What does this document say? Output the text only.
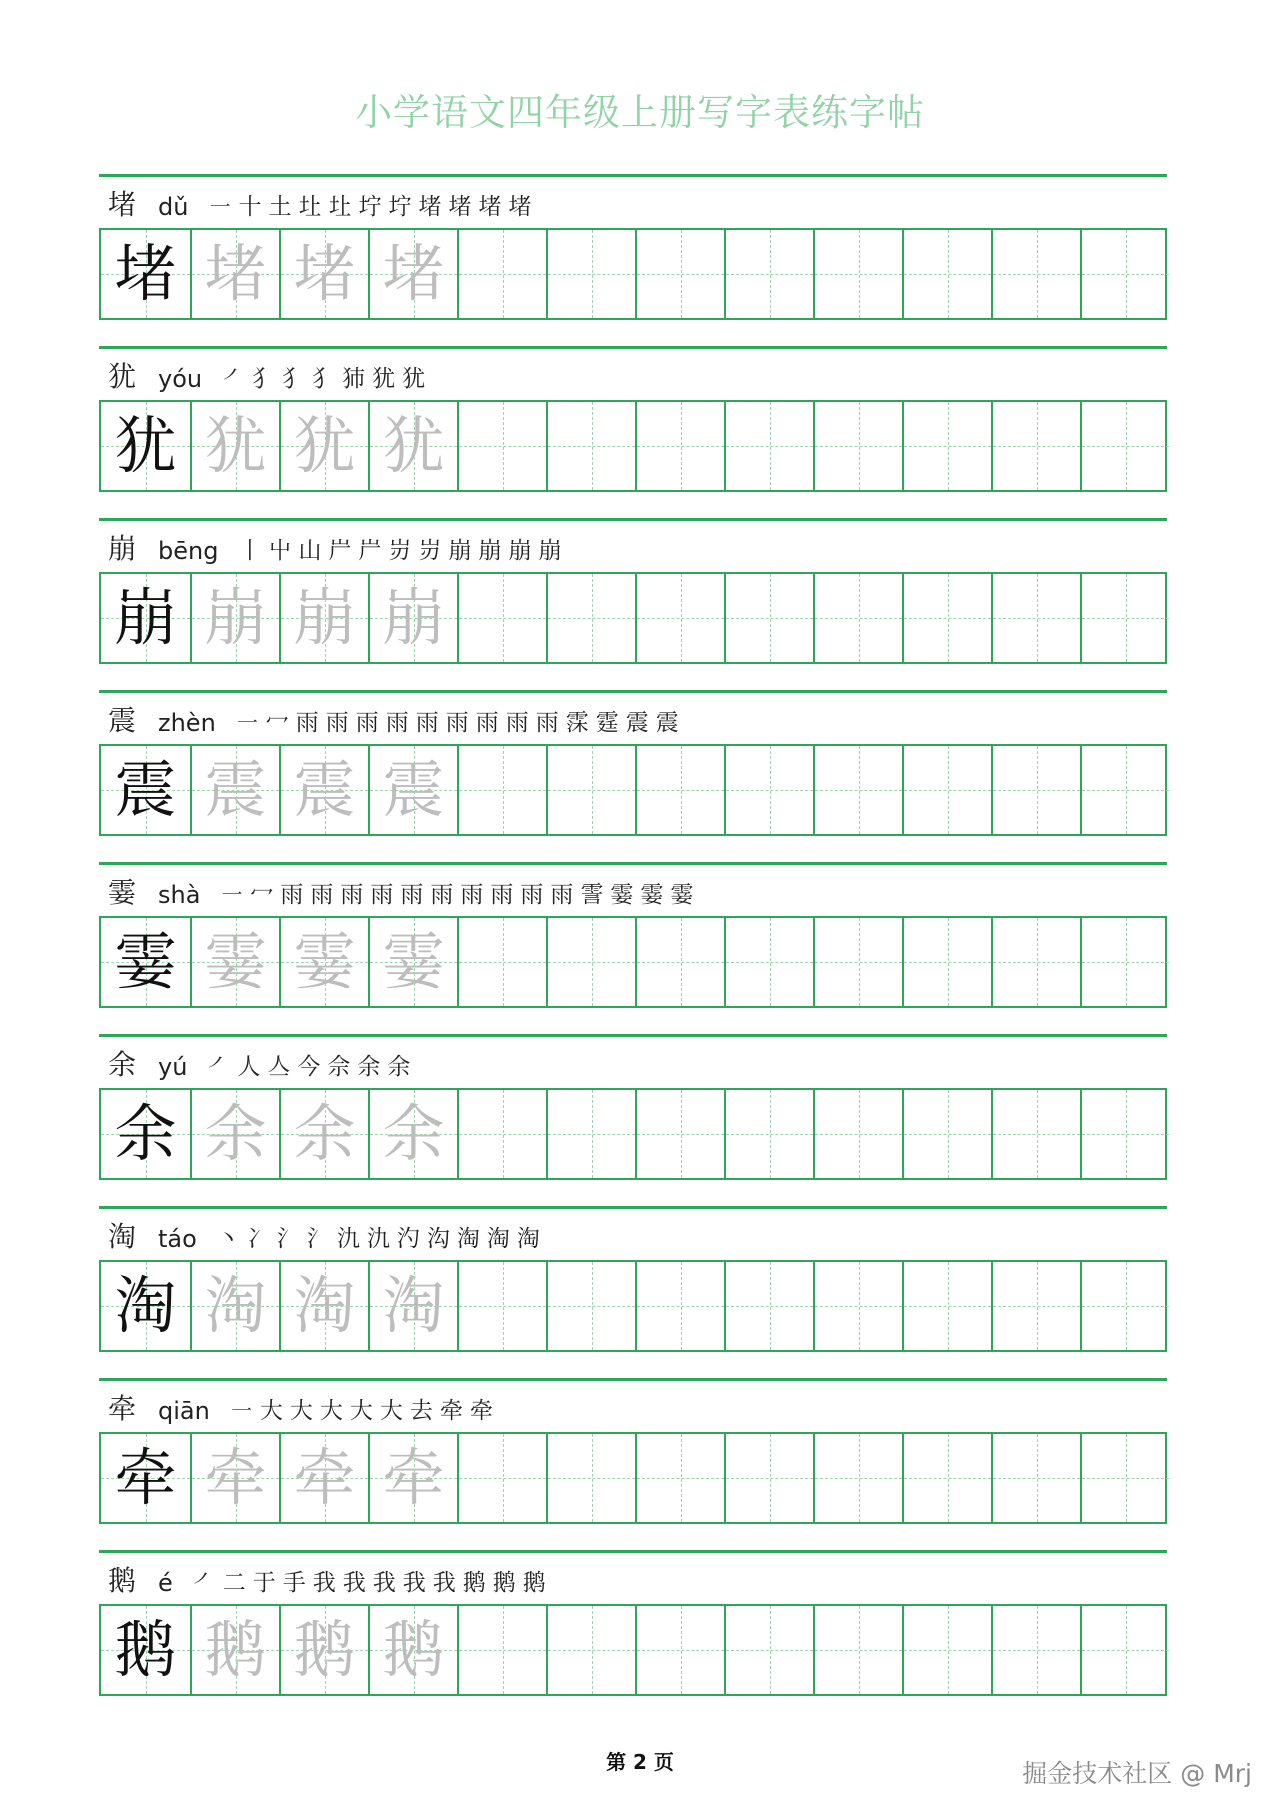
小学语文四年级上册写字表练字帖
堵 dǔ ㇐ 十 土 圵 圵 坾 坾 堵 堵 堵 堵
堵 堵 堵 堵
犹 yóu ㇒ 犭 犭 犭 犻 犹 犹
犹 犹 犹 犹
崩 bēng 丨 屮 山 屵 屵 岃 岃 崩 崩 崩 崩
崩 崩 崩 崩
震 zhèn ㇐ 冖 雨 雨 雨 雨 雨 雨 雨 雨 雨 霂 霆 震 震
震 震 震 震
霎 shà ㇐ 冖 雨 雨 雨 雨 雨 雨 雨 雨 雨 雨 霅 霎 霎 霎
霎 霎 霎 霎
余 yú ㇒ 人 亼 今 佘 余 余
余 余 余 余
淘 táo 丶 冫 氵 氵 氿 氿 汋 沟 淘 淘 淘
淘 淘 淘 淘
牵 qiān ㇐ 大 大 大 大 大 去 牵 牵
牵 牵 牵 牵
鹅 é ㇒ 二 于 手 我 我 我 我 我 鹅 鹅 鹅
鹅 鹅 鹅 鹅
第 2 页	掘金技术社区 @ Mrj
